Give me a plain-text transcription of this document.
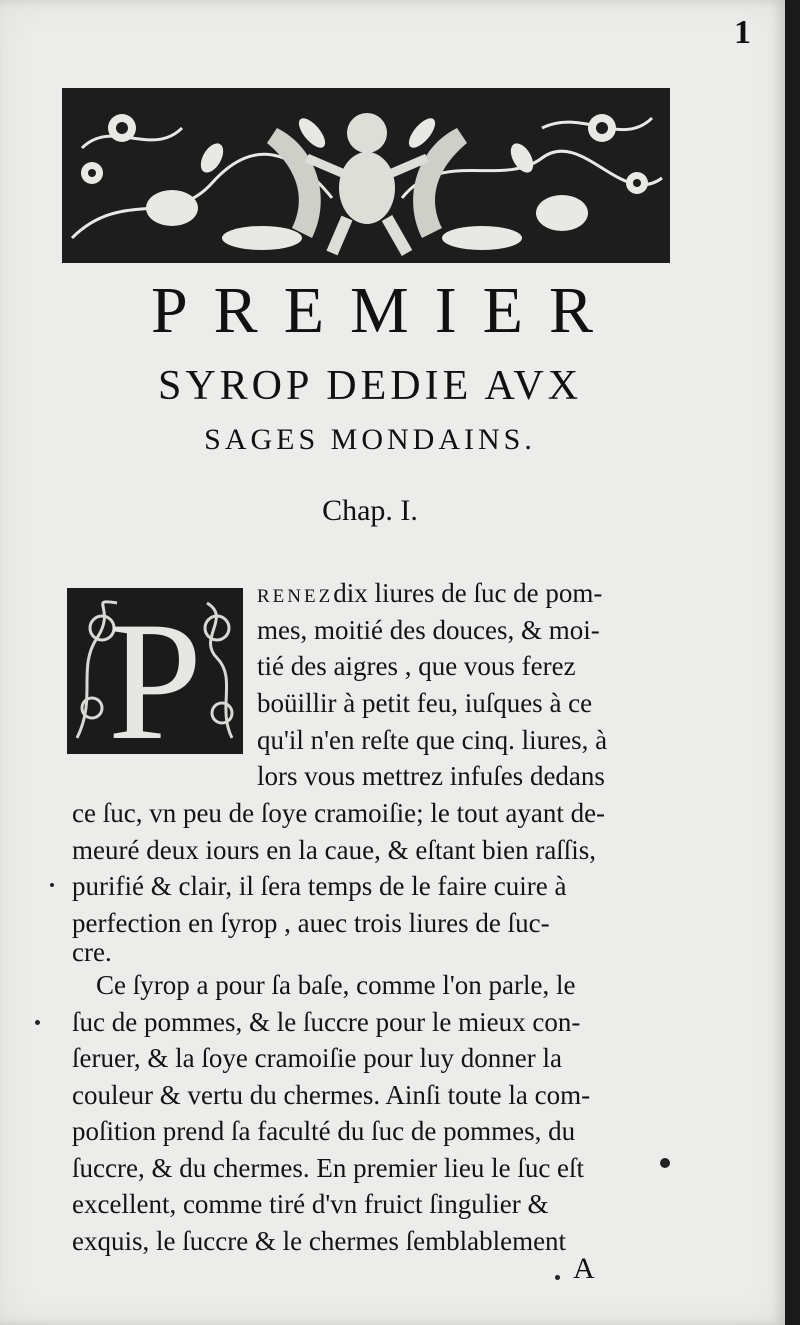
1
PREMIER
SYROP DEDIE AVX
SAGES MONDAINS.
Chap. I.
P	RENEZdix liures de ſuc de pom-
mes, moitié des douces, & moi-
tié des aigres , que vous ferez
boüillir à petit feu, iuſques à ce
qu'il n'en reſte que cinq. liures, à
lors vous mettrez infuſes dedans
ce ſuc, vn peu de ſoye cramoiſie; le tout ayant de-
meuré deux iours en la caue, & eſtant bien raſſis,
purifié & clair, il ſera temps de le faire cuire à
perfection en ſyrop , auec trois liures de ſuc-
cre.
Ce ſyrop a pour ſa baſe, comme l'on parle, le
ſuc de pommes, & le ſuccre pour le mieux con-
ſeruer, & la ſoye cramoiſie pour luy donner la
couleur & vertu du chermes. Ainſi toute la com-
poſition prend ſa faculté du ſuc de pommes, du
ſuccre, & du chermes. En premier lieu le ſuc eſt
excellent, comme tiré d'vn fruict ſingulier &
exquis, le ſuccre & le chermes ſemblablement
A
